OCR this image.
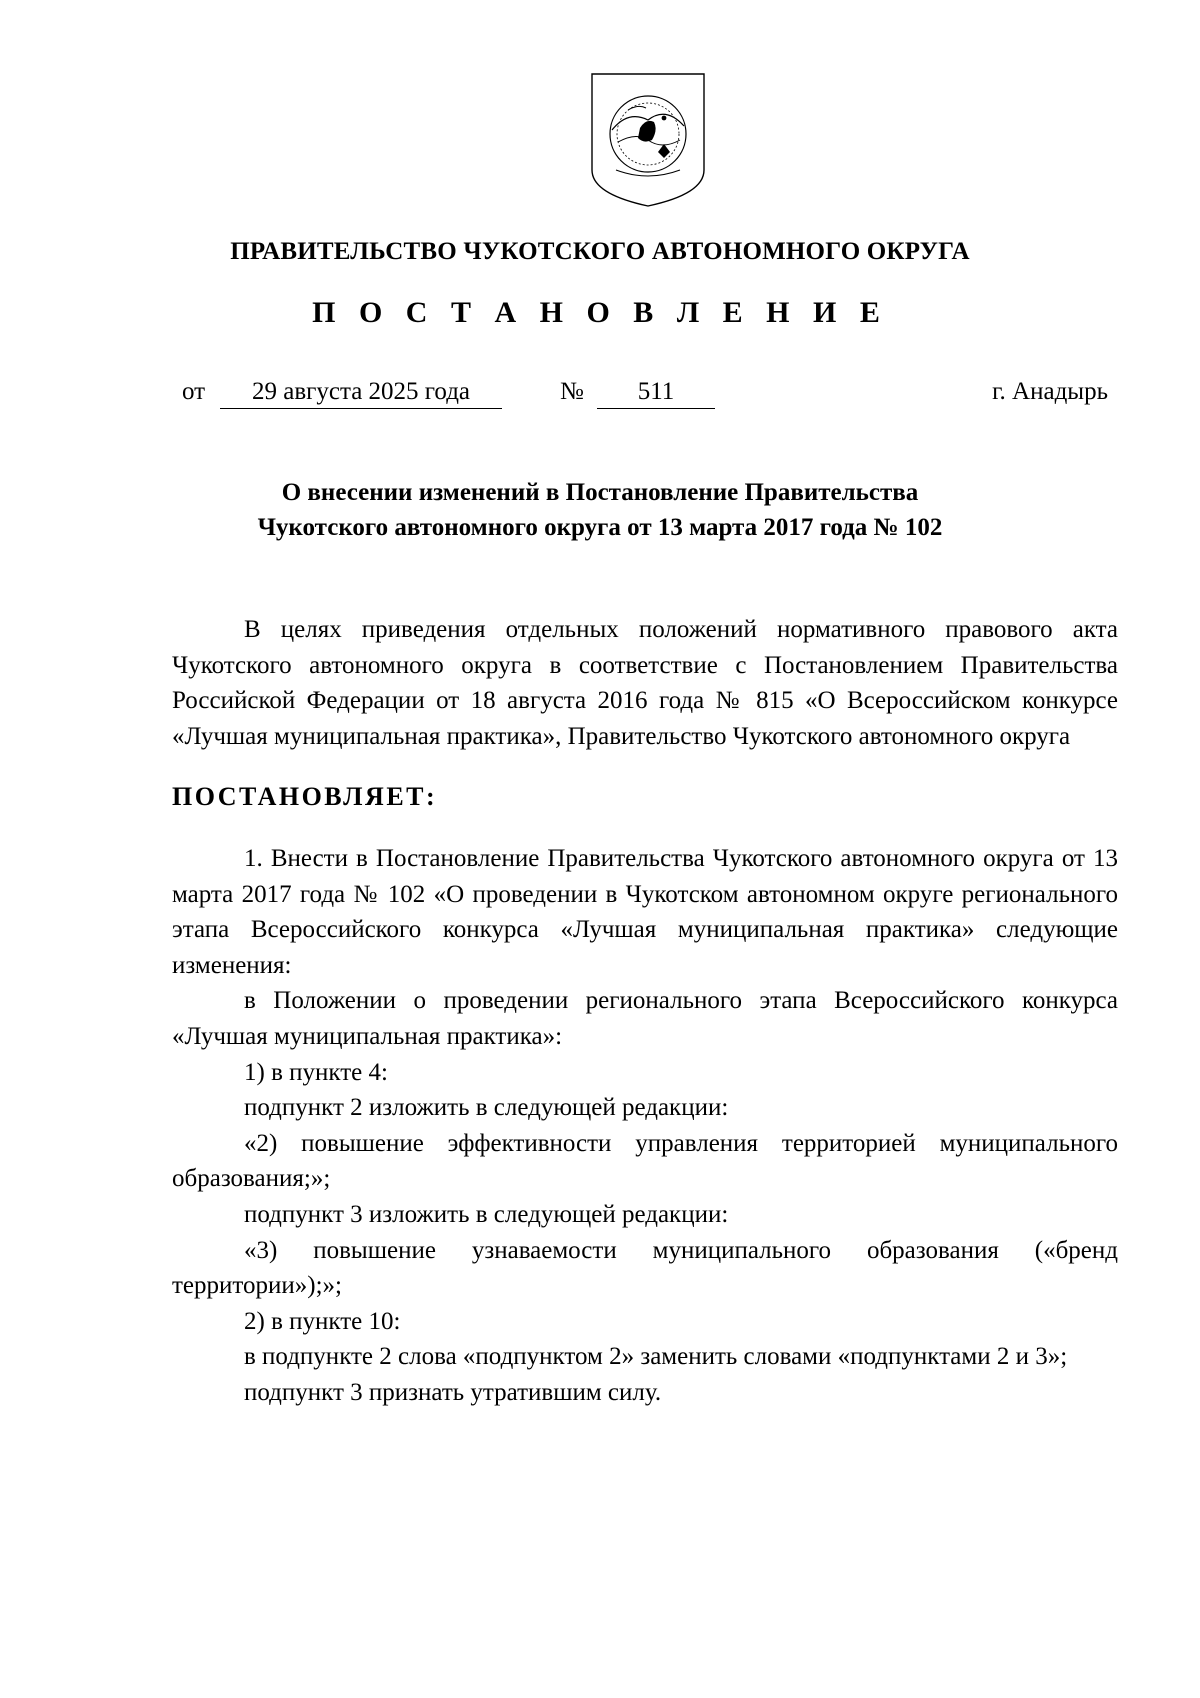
ПРАВИТЕЛЬСТВО ЧУКОТСКОГО АВТОНОМНОГО ОКРУГА
П О С Т А Н О В Л Е Н И Е
от	29 августа 2025 года	№	511	г. Анадырь
О внесении изменений в Постановление Правительства
Чукотского автономного округа от 13 марта 2017 года № 102

В целях приведения отдельных положений нормативного правового акта Чукотского автономного округа в соответствие с Постановлением Правительства Российской Федерации от 18 августа 2016 года № 815 «О Всероссийском конкурсе «Лучшая муниципальная практика», Правительство Чукотского автономного округа

ПОСТАНОВЛЯЕТ:

1. Внести в Постановление Правительства Чукотского автономного округа от 13 марта 2017 года № 102 «О проведении в Чукотском автономном округе регионального этапа Всероссийского конкурса «Лучшая муниципальная практика» следующие изменения:

в Положении о проведении регионального этапа Всероссийского конкурса «Лучшая муниципальная практика»:

1) в пункте 4:

подпункт 2 изложить в следующей редакции:

«2) повышение эффективности управления территорией муниципального образования;»;

подпункт 3 изложить в следующей редакции:

«3) повышение узнаваемости муниципального образования («бренд территории»);»;

2) в пункте 10:

в подпункте 2 слова «подпунктом 2» заменить словами «подпунктами 2 и 3»;

подпункт 3 признать утратившим силу.
